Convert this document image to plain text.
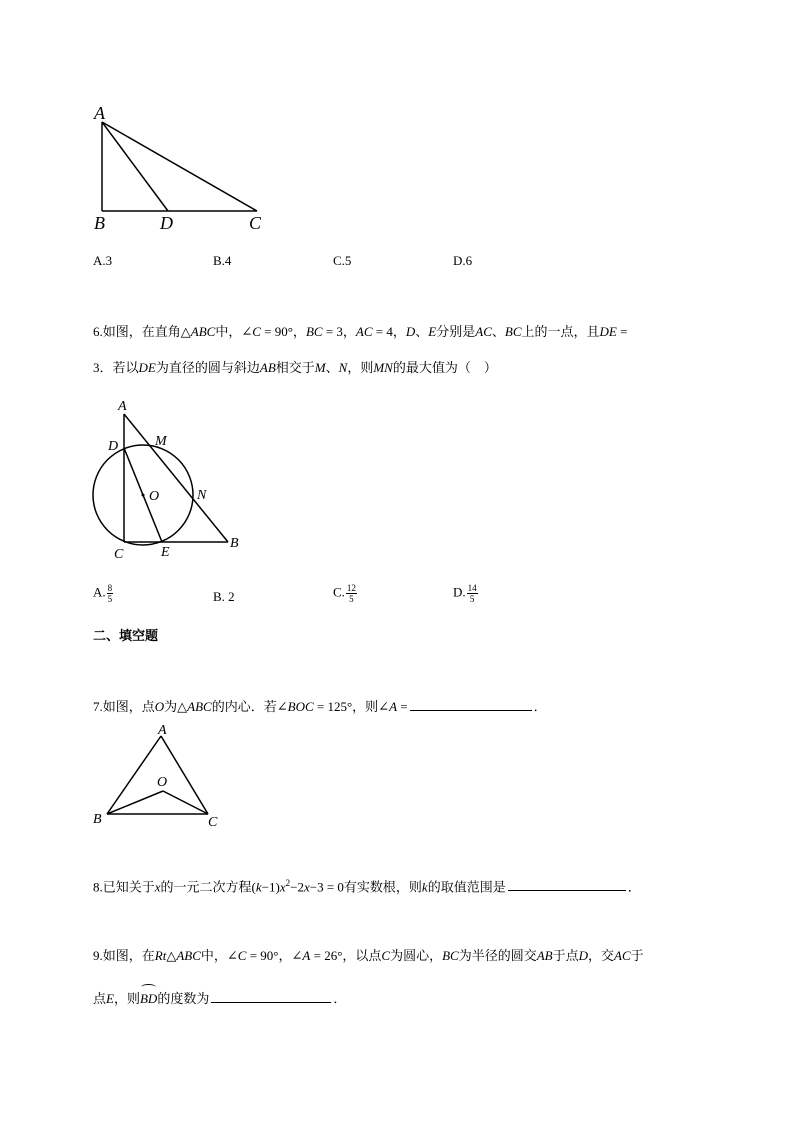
A
B	D	C
A.3	B.4	C.5	D.6
6.如图，在直角△ABC中，∠C = 90°，BC = 3，AC = 4，D、E分别是AC、BC上的一点，且DE =
3．若以DE为直径的圆与斜边AB相交于M、N，则MN的最大值为（　）
A
D	M
O	N
C	E
B
A. $\frac{8}{5}$	B. 2	C. $\frac{12}{5}$	D. $\frac{14}{5}$
二、填空题
7.如图，点O为△ABC的内心．若∠BOC = 125°，则∠A =	．
A
O
B	C
8.已知关于x的一元二次方程$(k-1)x^2-2x-3 = 0$有实数根，则k的取值范围是	．
9.如图，在Rt△ABC中，∠C = 90°，∠A = 26°，以点C为圆心，BC为半径的圆交AB于点D，交AC于
点E，则BD的度数为	．
